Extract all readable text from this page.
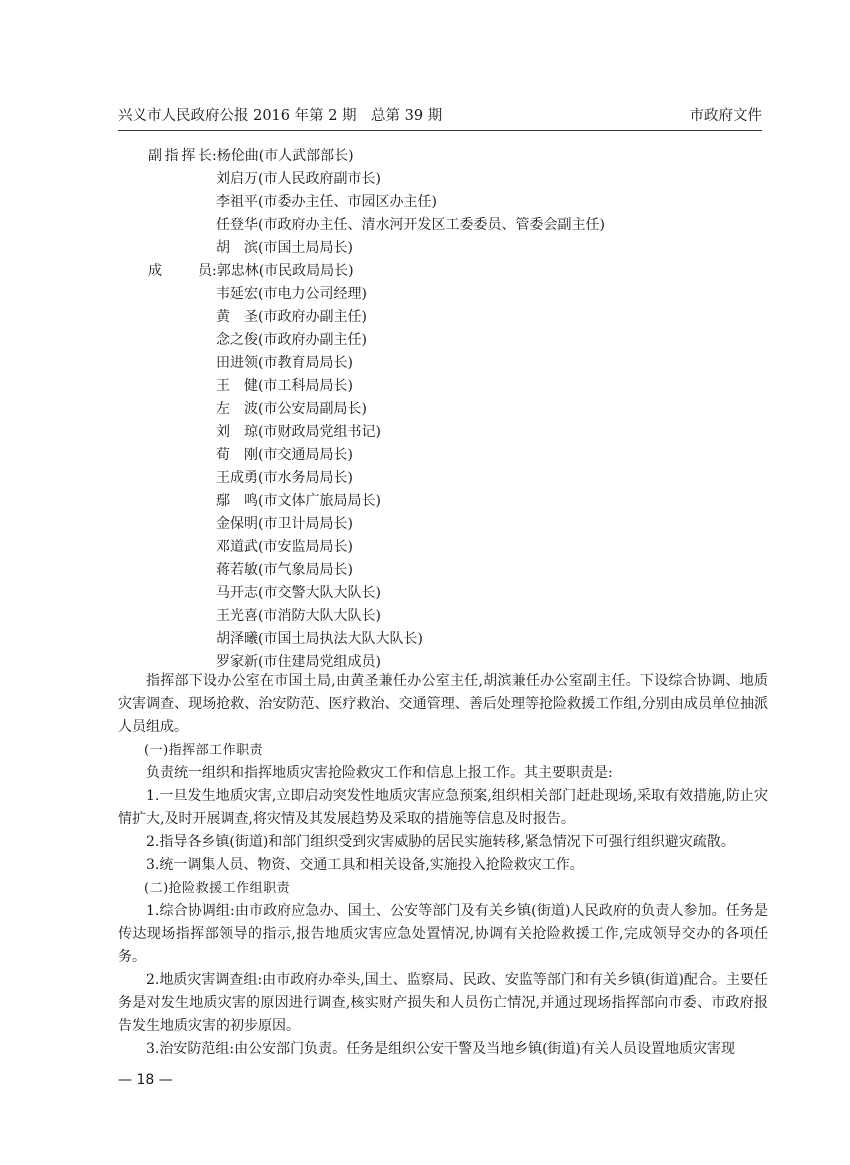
兴义市人民政府公报 2016 年第 2 期　总第 39 期	市政府文件
副指挥长:杨伦曲(市人武部部长)
刘启万(市人民政府副市长)
李祖平(市委办主任、市园区办主任)
任登华(市政府办主任、清水河开发区工委委员、管委会副主任)
胡　滨(市国土局局长)
成员:郭忠林(市民政局局长)
韦延宏(市电力公司经理)
黄　圣(市政府办副主任)
念之俊(市政府办副主任)
田进领(市教育局局长)
王　健(市工科局局长)
左　波(市公安局副局长)
刘　琼(市财政局党组书记)
荀　刚(市交通局局长)
王成勇(市水务局局长)
鄢　鸣(市文体广旅局局长)
金保明(市卫计局局长)
邓道武(市安监局局长)
蒋若敏(市气象局局长)
马开志(市交警大队大队长)
王光喜(市消防大队大队长)
胡泽曦(市国土局执法大队大队长)
罗家新(市住建局党组成员)

指挥部下设办公室在市国土局,由黄圣兼任办公室主任,胡滨兼任办公室副主任。下设综合协调、地质灾害调查、现场抢救、治安防范、医疗救治、交通管理、善后处理等抢险救援工作组,分别由成员单位抽派人员组成。

(一)指挥部工作职责

负责统一组织和指挥地质灾害抢险救灾工作和信息上报工作。其主要职责是:

1.一旦发生地质灾害,立即启动突发性地质灾害应急预案,组织相关部门赶赴现场,采取有效措施,防止灾情扩大,及时开展调查,将灾情及其发展趋势及采取的措施等信息及时报告。

2.指导各乡镇(街道)和部门组织受到灾害威胁的居民实施转移,紧急情况下可强行组织避灾疏散。

3.统一调集人员、物资、交通工具和相关设备,实施投入抢险救灾工作。

(二)抢险救援工作组职责

1.综合协调组:由市政府应急办、国土、公安等部门及有关乡镇(街道)人民政府的负责人参加。任务是传达现场指挥部领导的指示,报告地质灾害应急处置情况,协调有关抢险救援工作,完成领导交办的各项任务。

2.地质灾害调查组:由市政府办牵头,国土、监察局、民政、安监等部门和有关乡镇(街道)配合。主要任务是对发生地质灾害的原因进行调查,核实财产损失和人员伤亡情况,并通过现场指挥部向市委、市政府报告发生地质灾害的初步原因。

3.治安防范组:由公安部门负责。任务是组织公安干警及当地乡镇(街道)有关人员设置地质灾害现

— 18 —
